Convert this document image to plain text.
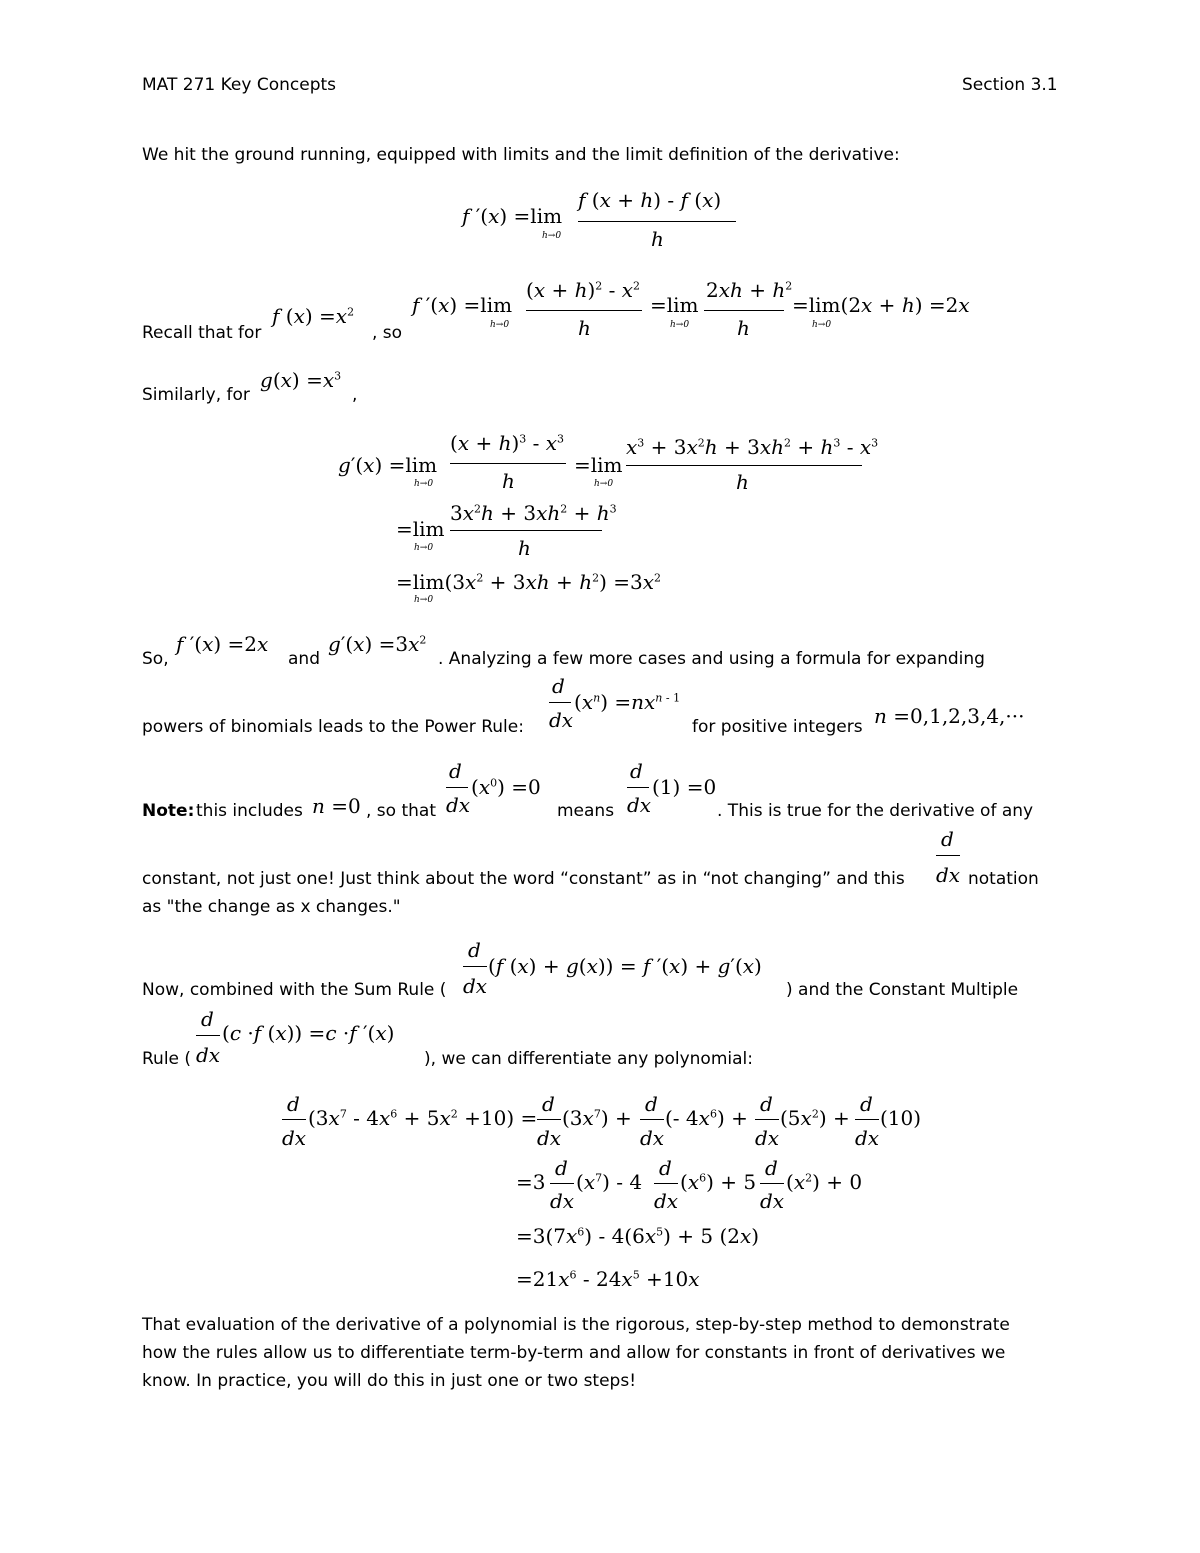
MAT 271 Key Concepts	Section 3.1
We hit the ground running, equipped with limits and the limit definition of the derivative:
f ′(x) =lim
h→0
f (x + h) - f (x)
h
Recall that for
f $(x) =x^2$
, so
f ′(x) =lim
h→0
$(x + h)^2 - x^2$
h
=lim
h→0
$2xh + h^2$
h
=lim(2x + h) =2x
h→0
Similarly, for
$g(x) =x^3$
,
g′(x) =lim
h→0
$(x + h)^3 - x^3$
h
=lim
h→0
$x^3 + 3x^2h + 3xh^2 + h^3 - x^3$
h
=lim
h→0
$3x^2h + 3xh^2 + h^3$
h
$=\lim(3x^2 + 3xh + h^2) =3x^2$
h→0
So,
f ′(x) =2x
and
$g'(x) =3x^2$
. Analyzing a few more cases and using a formula for expanding
powers of binomials leads to the Power Rule:
d
dx
$(x^n) =nx^{n - 1}$
for positive integers n =0,1,2,3,4,···
Note: this includes n =0 , so that
d
dx
$(x^0) =0$
means
d
dx
(1) =0
. This is true for the derivative of any
constant, not just one! Just think about the word “constant” as in “not changing” and this
d
dx notation
as "the change as x changes."
Now, combined with the Sum Rule (
d
dx
(f (x) + g(x)) = f ′(x) + g′(x)
) and the Constant Multiple
Rule (
d
dx
(c ·f (x)) =c ·f ′(x)
), we can differentiate any polynomial:
d
dx
$(3x^7 - 4x^6 + 5x^2 +10)$ =
d
dx
$(3x^7)$ +
d
dx
(- $4x^6$) +
d
dx
$(5x^2)$ +
d
dx
(10)
=3
d
dx
$(x^7) - 4$
d
dx
$(x^6) + 5$
d
dx
$(x^2) + 0$
$=3(7x^6) - 4(6x^5) + 5$ (2x)
$=21x^6 - 24x^5 +10x$
That evaluation of the derivative of a polynomial is the rigorous, step-by-step method to demonstrate
how the rules allow us to differentiate term-by-term and allow for constants in front of derivatives we
know. In practice, you will do this in just one or two steps!
